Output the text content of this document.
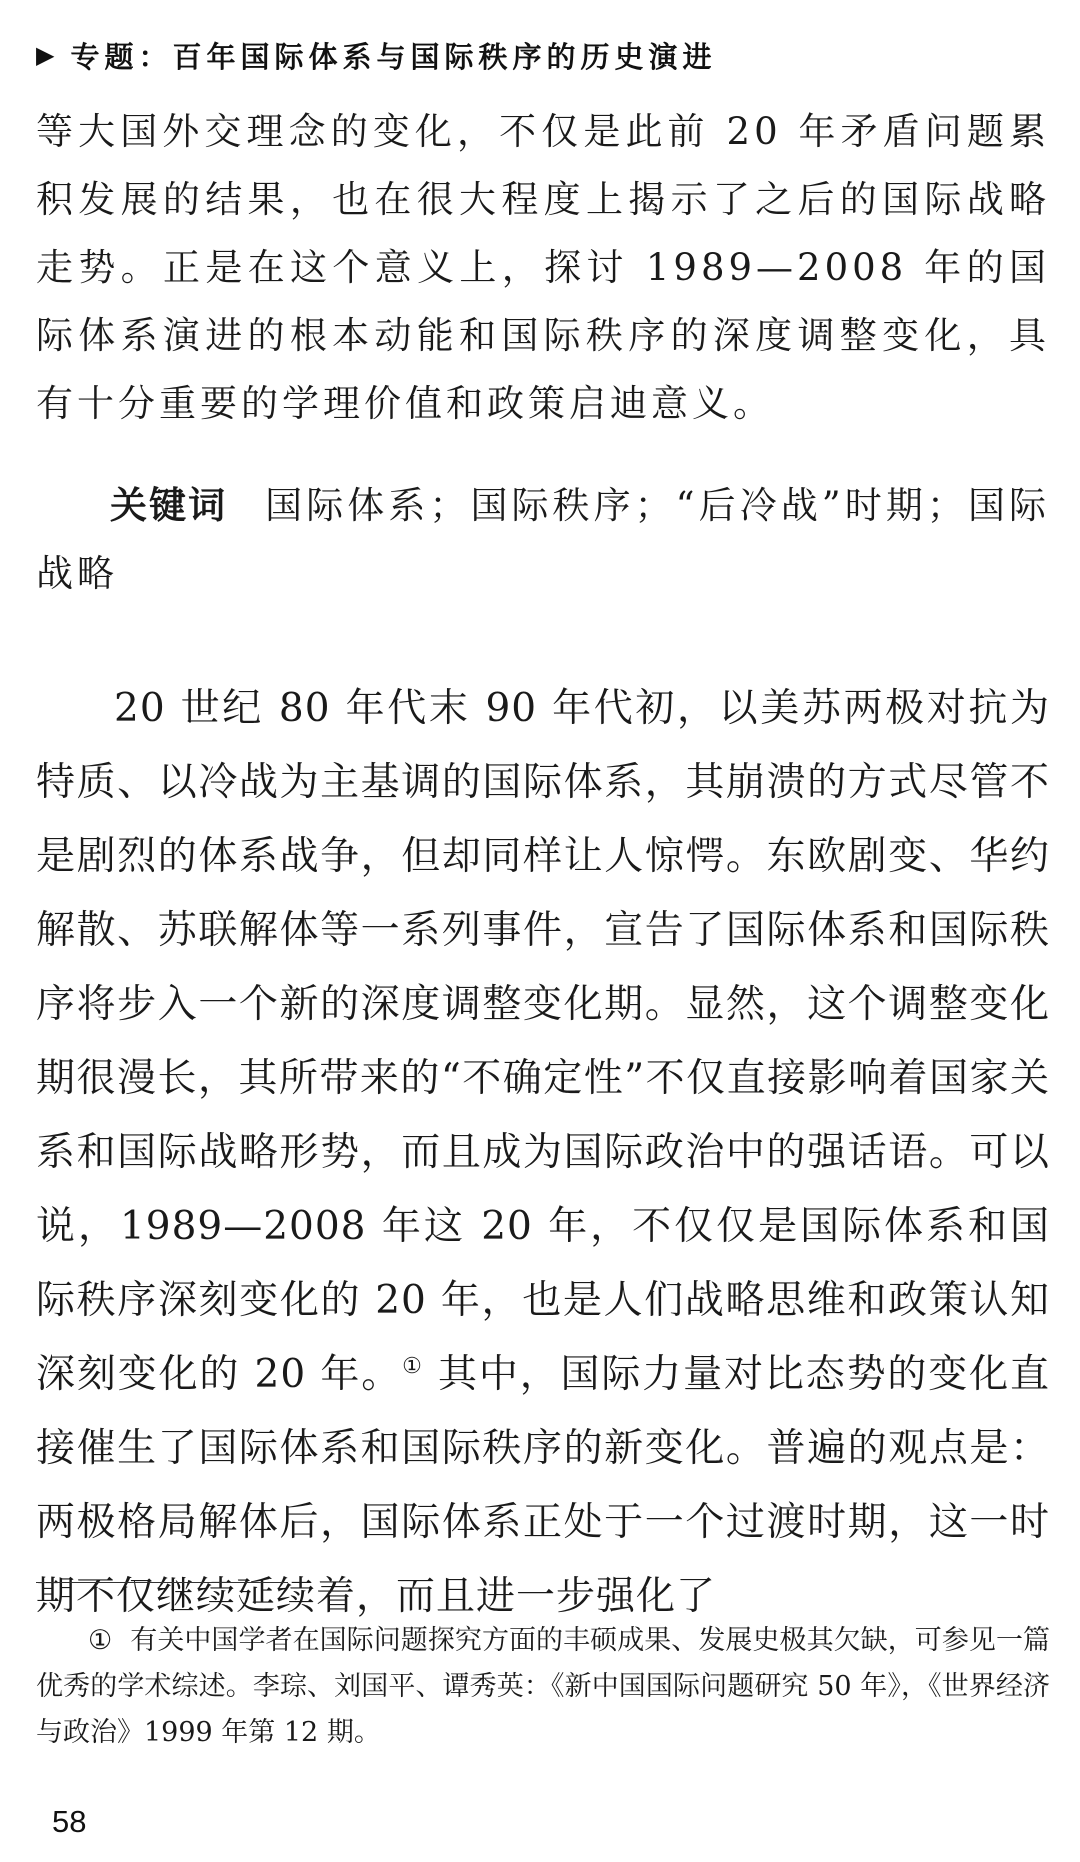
▶ 专题：百年国际体系与国际秩序的历史演进

等大国外交理念的变化，不仅是此前 20 年矛盾问题累积发展的结果，也在很大程度上揭示了之后的国际战略走势。正是在这个意义上，探讨 1989—2008 年的国际体系演进的根本动能和国际秩序的深度调整变化，具有十分重要的学理价值和政策启迪意义。

关键词 国际体系；国际秩序；“后冷战”时期；国际战略

20 世纪 80 年代末 90 年代初，以美苏两极对抗为特质、以冷战为主基调的国际体系，其崩溃的方式尽管不是剧烈的体系战争，但却同样让人惊愕。东欧剧变、华约解散、苏联解体等一系列事件，宣告了国际体系和国际秩序将步入一个新的深度调整变化期。显然，这个调整变化期很漫长，其所带来的“不确定性”不仅直接影响着国家关系和国际战略形势，而且成为国际政治中的强话语。可以说，1989—2008 年这 20 年，不仅仅是国际体系和国际秩序深刻变化的 20 年，也是人们战略思维和政策认知深刻变化的 20 年。① 其中，国际力量对比态势的变化直接催生了国际体系和国际秩序的新变化。普遍的观点是：两极格局解体后，国际体系正处于一个过渡时期，这一时期不仅继续延续着，而且进一步强化了

① 有关中国学者在国际问题探究方面的丰硕成果、发展史极其欠缺，可参见一篇优秀的学术综述。李琮、刘国平、谭秀英：《新中国国际问题研究 50 年》，《世界经济与政治》1999 年第 12 期。

58
